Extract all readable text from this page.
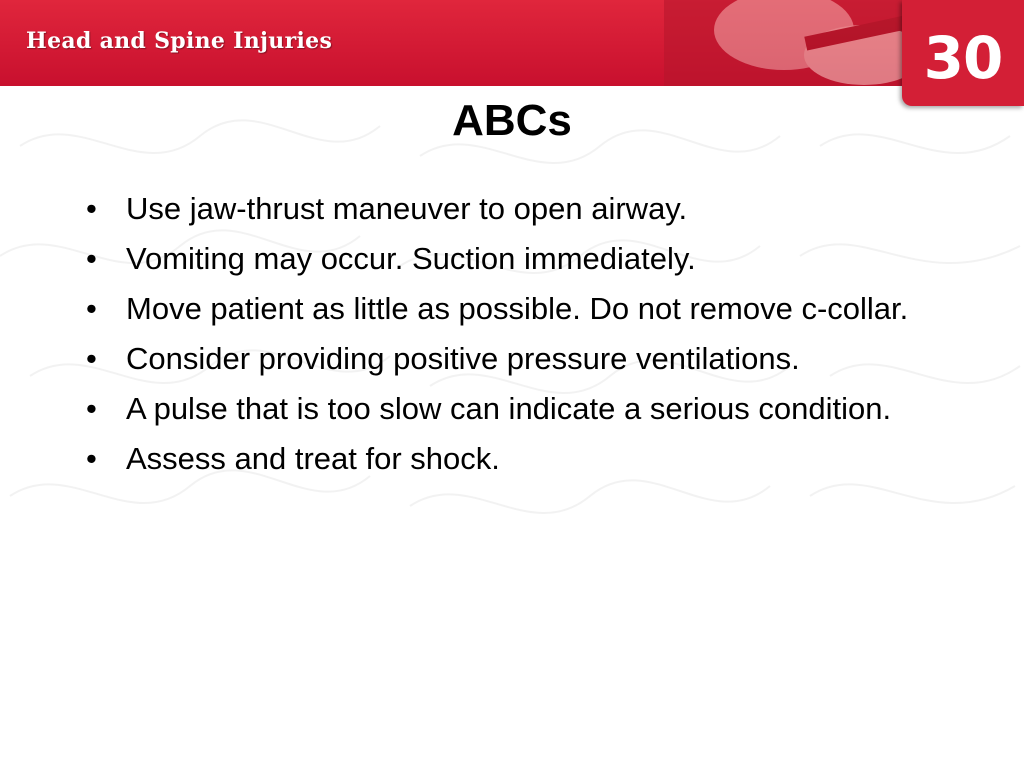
Head and Spine Injuries	30
ABCs
• Use jaw-thrust maneuver to open airway.
• Vomiting may occur. Suction immediately.
• Move patient as little as possible. Do not remove c-collar.
• Consider providing positive pressure ventilations.
• A pulse that is too slow can indicate a serious condition.
• Assess and treat for shock.
